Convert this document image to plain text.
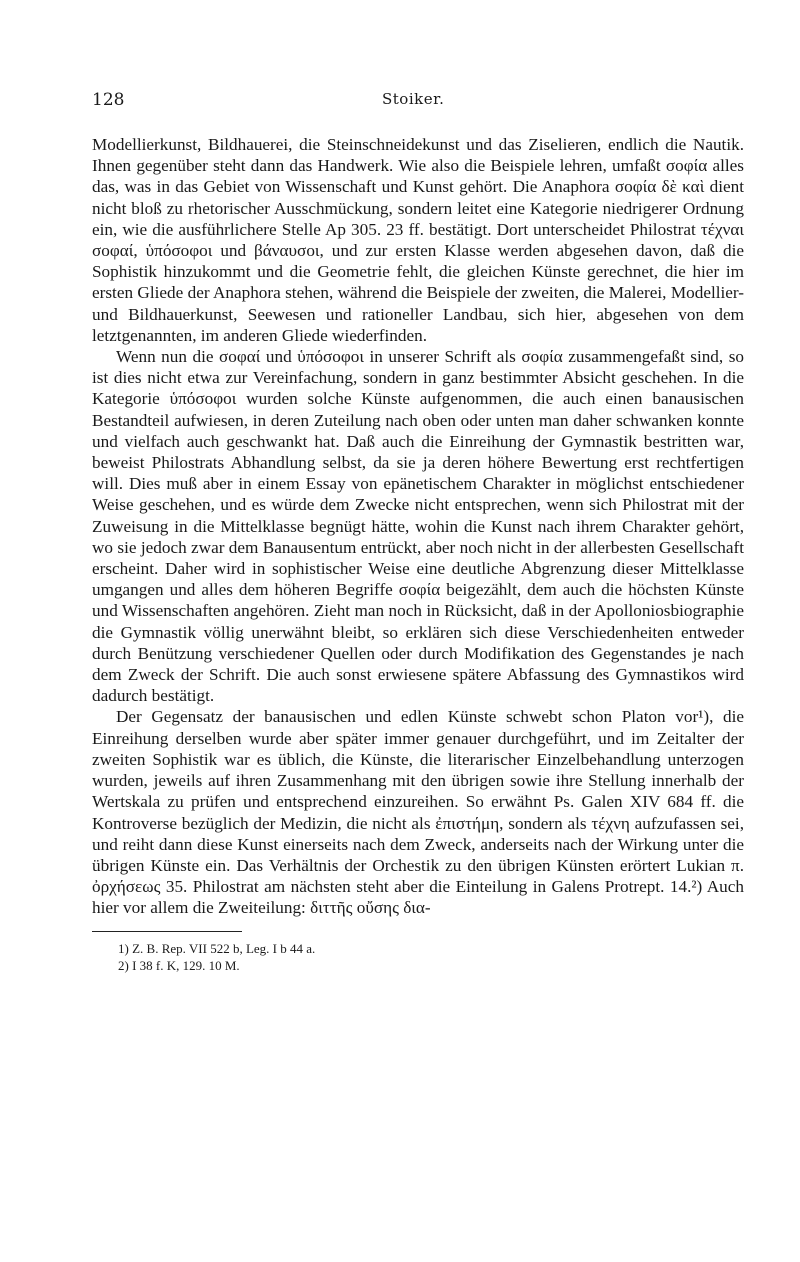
128	Stoiker.

Modellierkunst, Bildhauerei, die Steinschneidekunst und das Ziselieren, endlich die Nautik. Ihnen gegenüber steht dann das Handwerk. Wie also die Beispiele lehren, umfaßt σοφία alles das, was in das Gebiet von Wissenschaft und Kunst gehört. Die Anaphora σοφία δὲ καὶ dient nicht bloß zu rhetorischer Ausschmückung, sondern leitet eine Kategorie niedrigerer Ordnung ein, wie die ausführlichere Stelle Ap 305. 23 ff. bestätigt. Dort unterscheidet Philostrat τέχναι σοφαί, ὑπόσοφοι und βάναυσοι, und zur ersten Klasse werden abgesehen davon, daß die Sophistik hinzukommt und die Geometrie fehlt, die gleichen Künste gerechnet, die hier im ersten Gliede der Anaphora stehen, während die Beispiele der zweiten, die Malerei, Modellier- und Bildhauerkunst, Seewesen und rationeller Landbau, sich hier, abgesehen von dem letztgenannten, im anderen Gliede wiederfinden.

Wenn nun die σοφαί und ὑπόσοφοι in unserer Schrift als σοφία zusammengefaßt sind, so ist dies nicht etwa zur Vereinfachung, sondern in ganz bestimmter Absicht geschehen. In die Kategorie ὑπόσοφοι wurden solche Künste aufgenommen, die auch einen banausischen Bestandteil aufwiesen, in deren Zuteilung nach oben oder unten man daher schwanken konnte und vielfach auch geschwankt hat. Daß auch die Einreihung der Gymnastik bestritten war, beweist Philostrats Abhandlung selbst, da sie ja deren höhere Bewertung erst rechtfertigen will. Dies muß aber in einem Essay von epänetischem Charakter in möglichst entschiedener Weise geschehen, und es würde dem Zwecke nicht entsprechen, wenn sich Philostrat mit der Zuweisung in die Mittelklasse begnügt hätte, wohin die Kunst nach ihrem Charakter gehört, wo sie jedoch zwar dem Banausentum entrückt, aber noch nicht in der allerbesten Gesellschaft erscheint. Daher wird in sophistischer Weise eine deutliche Abgrenzung dieser Mittelklasse umgangen und alles dem höheren Begriffe σοφία beigezählt, dem auch die höchsten Künste und Wissenschaften angehören. Zieht man noch in Rücksicht, daß in der Apolloniosbiographie die Gymnastik völlig unerwähnt bleibt, so erklären sich diese Verschiedenheiten entweder durch Benützung verschiedener Quellen oder durch Modifikation des Gegenstandes je nach dem Zweck der Schrift. Die auch sonst erwiesene spätere Abfassung des Gymnastikos wird dadurch bestätigt.

Der Gegensatz der banausischen und edlen Künste schwebt schon Platon vor¹), die Einreihung derselben wurde aber später immer genauer durchgeführt, und im Zeitalter der zweiten Sophistik war es üblich, die Künste, die literarischer Einzelbehandlung unterzogen wurden, jeweils auf ihren Zusammenhang mit den übrigen sowie ihre Stellung innerhalb der Wertskala zu prüfen und entsprechend einzureihen. So erwähnt Ps. Galen XIV 684 ff. die Kontroverse bezüglich der Medizin, die nicht als ἐπιστήμη, sondern als τέχνη aufzufassen sei, und reiht dann diese Kunst einerseits nach dem Zweck, anderseits nach der Wirkung unter die übrigen Künste ein. Das Verhältnis der Orchestik zu den übrigen Künsten erörtert Lukian π. ὀρχήσεως 35. Philostrat am nächsten steht aber die Einteilung in Galens Protrept. 14.²) Auch hier vor allem die Zweiteilung: διττῆς οὔσης δια-

1) Z. B. Rep. VII 522 b, Leg. I b 44 a.

2) I 38 f. K, 129. 10 M.
